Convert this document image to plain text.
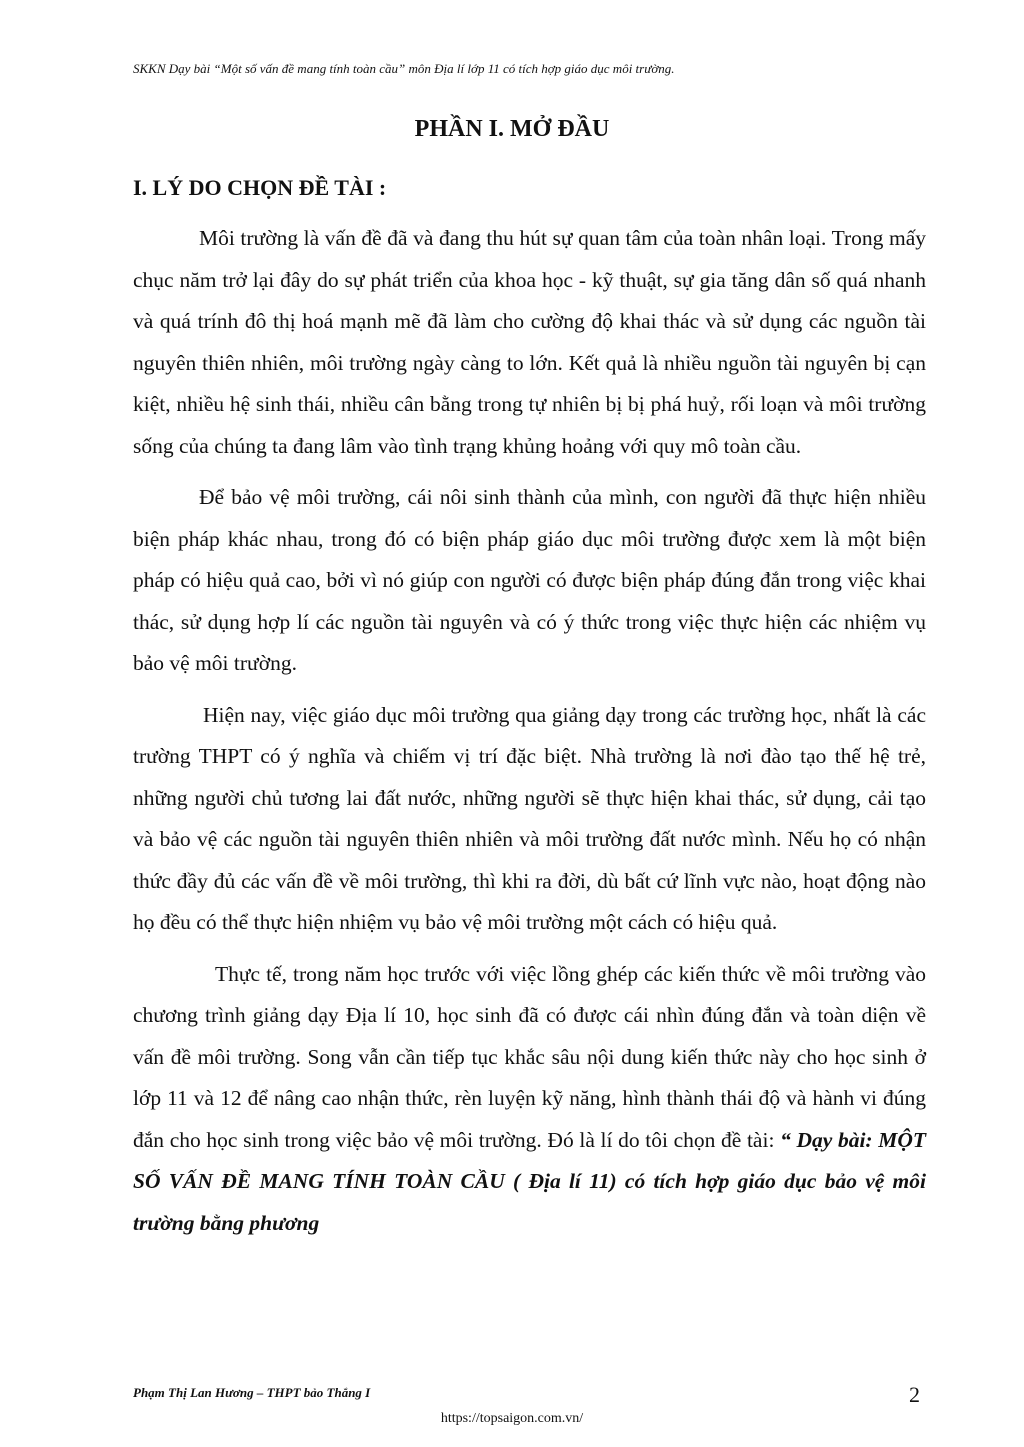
SKKN Dạy bài “Một số vấn đề mang tính toàn cầu” môn Địa lí lớp 11 có tích hợp giáo dục môi trường.
PHẦN I. MỞ ĐẦU
I. LÝ DO CHỌN ĐỀ TÀI :

Môi trường là vấn đề đã và đang thu hút sự quan tâm của toàn nhân loại. Trong mấy chục năm trở lại đây do sự phát triển của khoa học - kỹ thuật, sự gia tăng dân số quá nhanh và quá trính đô thị hoá mạnh mẽ đã làm cho cường độ khai thác và sử dụng các nguồn tài nguyên thiên nhiên, môi trường ngày càng to lớn. Kết quả là nhiều nguồn tài nguyên bị cạn kiệt, nhiều hệ sinh thái, nhiều cân bằng trong tự nhiên bị bị phá huỷ, rối loạn và môi trường sống của chúng ta đang lâm vào tình trạng khủng hoảng với quy mô toàn cầu.

Để bảo vệ môi trường, cái nôi sinh thành của mình, con người đã thực hiện nhiều biện pháp khác nhau, trong đó có biện pháp giáo dục môi trường được xem là một biện pháp có hiệu quả cao, bởi vì nó giúp con người có được biện pháp đúng đắn trong việc khai thác, sử dụng hợp lí các nguồn tài nguyên và có ý thức trong việc thực hiện các nhiệm vụ bảo vệ môi trường.

Hiện nay, việc giáo dục môi trường qua giảng dạy trong các trường học, nhất là các trường THPT có ý nghĩa và chiếm vị trí đặc biệt. Nhà trường là nơi đào tạo thế hệ trẻ, những người chủ tương lai đất nước, những người sẽ thực hiện khai thác, sử dụng, cải tạo và bảo vệ các nguồn tài nguyên thiên nhiên và môi trường đất nước mình. Nếu họ có nhận thức đầy đủ các vấn đề về môi trường, thì khi ra đời, dù bất cứ lĩnh vực nào, hoạt động nào họ đều có thể thực hiện nhiệm vụ bảo vệ môi trường một cách có hiệu quả.

Thực tế, trong năm học trước với việc lồng ghép các kiến thức về môi trường vào chương trình giảng dạy Địa lí 10, học sinh đã có được cái nhìn đúng đắn và toàn diện về vấn đề môi trường. Song vẫn cần tiếp tục khắc sâu nội dung kiến thức này cho học sinh ở lớp 11 và 12 để nâng cao nhận thức, rèn luyện kỹ năng, hình thành thái độ và hành vi đúng đắn cho học sinh trong việc bảo vệ môi trường. Đó là lí do tôi chọn đề tài: “ Dạy bài: MỘT SỐ VẤN ĐỀ MANG TÍNH TOÀN CẦU ( Địa lí 11) có tích hợp giáo dục bảo vệ môi trường bằng phương

Phạm Thị Lan Hương – THPT bảo Thắng I	2
https://topsaigon.com.vn/
